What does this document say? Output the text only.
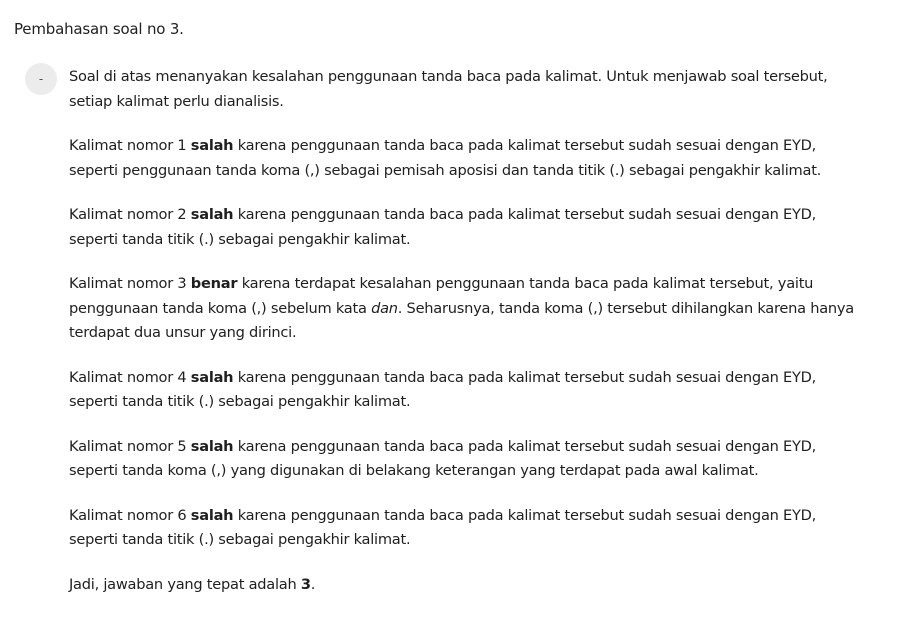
Pembahasan soal no 3.
- Soal di atas menanyakan kesalahan penggunaan tanda baca pada kalimat. Untuk menjawab soal tersebut, setiap kalimat perlu dianalisis.

Kalimat nomor 1 salah karena penggunaan tanda baca pada kalimat tersebut sudah sesuai dengan EYD, seperti penggunaan tanda koma (,) sebagai pemisah aposisi dan tanda titik (.) sebagai pengakhir kalimat.

Kalimat nomor 2 salah karena penggunaan tanda baca pada kalimat tersebut sudah sesuai dengan EYD, seperti tanda titik (.) sebagai pengakhir kalimat.

Kalimat nomor 3 benar karena terdapat kesalahan penggunaan tanda baca pada kalimat tersebut, yaitu penggunaan tanda koma (,) sebelum kata dan. Seharusnya, tanda koma (,) tersebut dihilangkan karena hanya terdapat dua unsur yang dirinci.

Kalimat nomor 4 salah karena penggunaan tanda baca pada kalimat tersebut sudah sesuai dengan EYD, seperti tanda titik (.) sebagai pengakhir kalimat.

Kalimat nomor 5 salah karena penggunaan tanda baca pada kalimat tersebut sudah sesuai dengan EYD, seperti tanda koma (,) yang digunakan di belakang keterangan yang terdapat pada awal kalimat.

Kalimat nomor 6 salah karena penggunaan tanda baca pada kalimat tersebut sudah sesuai dengan EYD, seperti tanda titik (.) sebagai pengakhir kalimat.

Jadi, jawaban yang tepat adalah 3.
